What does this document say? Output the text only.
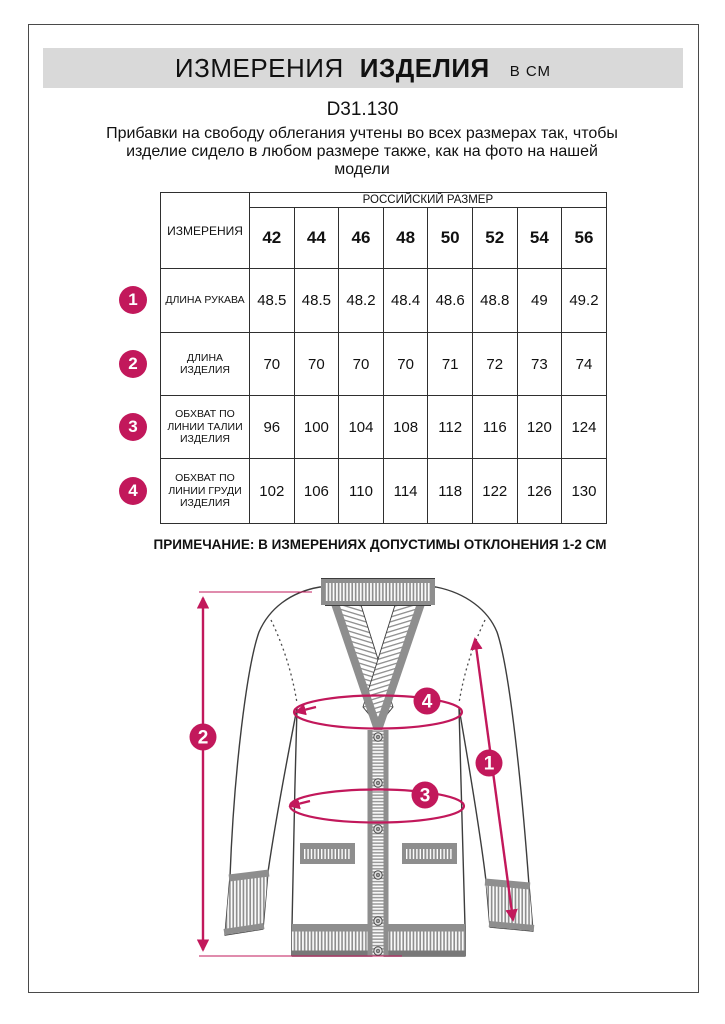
ИЗМЕРЕНИЯ ИЗДЕЛИЯ В СМ
D31.130
Прибавки на свободу облегания учтены во всех размерах так, чтобы
изделие сидело в любом размере также, как на фото на нашей
модели
ИЗМЕРЕНИЯ	РОССИЙСКИЙ РАЗМЕР							
	42	44	46	48	50	52	54	56
ДЛИНА РУКАВА	48.5	48.5	48.2	48.4	48.6	48.8	49	49.2
ДЛИНА ИЗДЕЛИЯ	70	70	70	70	71	72	73	74
ОБХВАТ ПО ЛИНИИ ТАЛИИ ИЗДЕЛИЯ	96	100	104	108	112	116	120	124
ОБХВАТ ПО ЛИНИИ ГРУДИ ИЗДЕЛИЯ	102	106	110	114	118	122	126	130
1
2
3
4
ПРИМЕЧАНИЕ: В ИЗМЕРЕНИЯХ ДОПУСТИМЫ ОТКЛОНЕНИЯ 1-2 СМ
2
1
4
3
